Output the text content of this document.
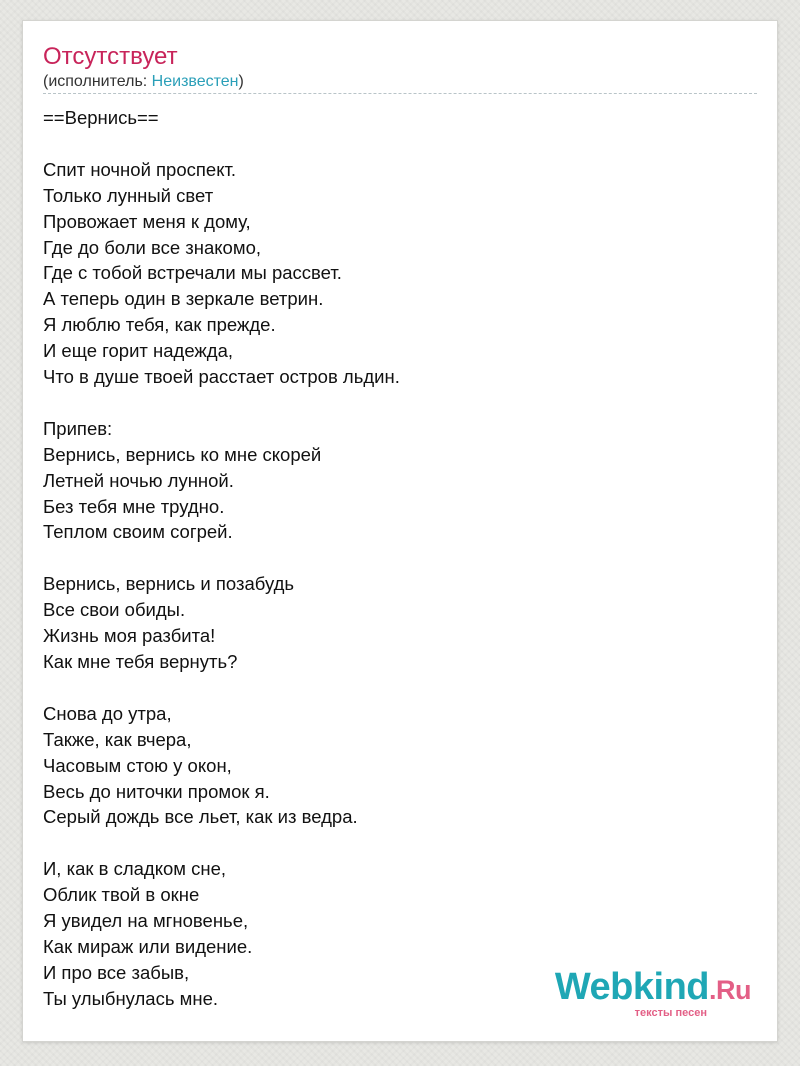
Отсутствует
(исполнитель: Неизвестен)
==Вернись==
Спит ночной проспект.
Только лунный свет
Провожает меня к дому,
Где до боли все знакомо,
Где с тобой встречали мы рассвет.
А теперь один в зеркале ветрин.
Я люблю тебя, как прежде.
И еще горит надежда,
Что в душе твоей расстает остров льдин.
Припев:
Вернись, вернись ко мне скорей
Летней ночью лунной.
Без тебя мне трудно.
Теплом своим согрей.
Вернись, вернись и позабудь
Все свои обиды.
Жизнь моя разбита!
Как мне тебя вернуть?
Снова до утра,
Также, как вчера,
Часовым стою у окон,
Весь до ниточки промок я.
Серый дождь все льет, как из ведра.
И, как в сладком сне,
Облик твой в окне
Я увидел на мгновенье,
Как мираж или видение.
И про все забыв,
Ты улыбнулась мне.	Webkind.Ru
тексты песен
